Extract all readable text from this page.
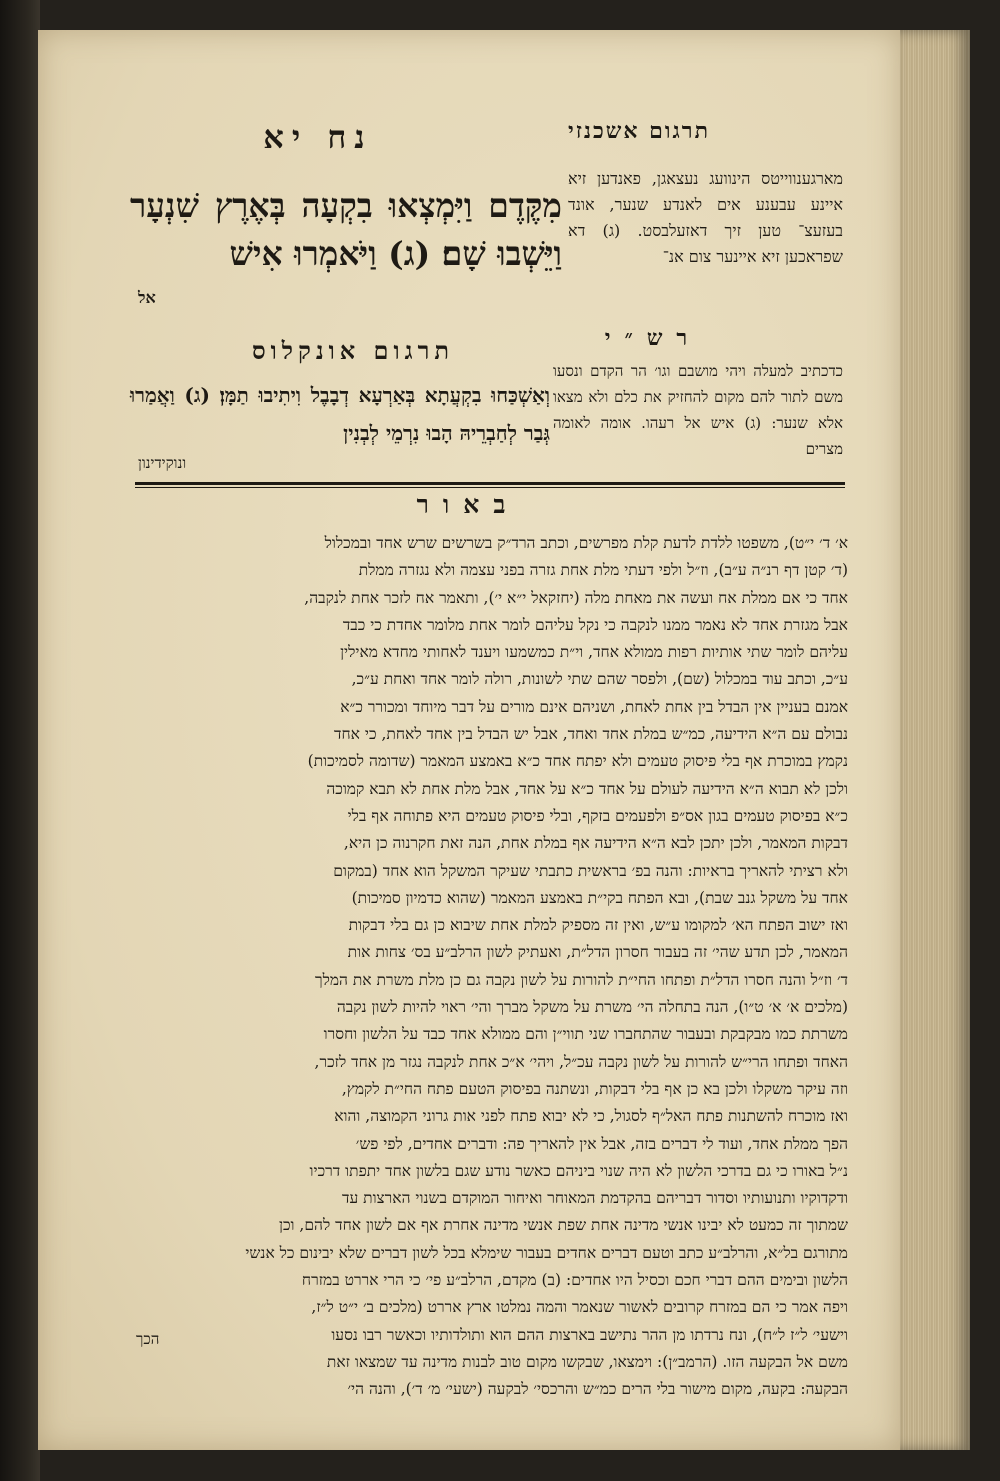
תרגום אשכנזי
נח יא
מארגענווייטס הינוועג נעצאגן, פאנדען זיא איינע עבענע אים לאנדע שנער, אונד בעזעצ־ טען זיך דאזעלבסט. (ג) דא שפראכען זיא איינער צום אנ־
מִקֶּדֶם וַיִּמְצְאוּ בִקְעָה בְּאֶרֶץ שִׁנְעָר וַיֵּשְׁבוּ שָׁם׃ (ג) וַיֹּאמְרוּ אִישׁ
אל
רש״י
כדכתיב למעלה ויהי מושבם וגו׳ הר הקדם ונסעו משם לתור להם מקום להחזיק את כלם ולא מצאו אלא שנער: (ג) איש אל רעהו. אומה לאומה מצרים
תרגום אונקלוס
וְאַשְׁכַּחוּ בִקְעֲתָא בְּאַרְעָא דְבָבֶל וִיתִיבוּ תַמָּן׃ (ג) וַאֲמַרוּ גְּבַר לְחַבְרֵיהּ הָבוּ נִרְמֵי לְבְנִין
ונוקידינון
באור

א׳ ד׳ י״ט), משפטו ללדת לדעת קלת מפרשים, וכתב הרד״ק בשרשים שרש אחד ובמכלול

(ד׳ קטן דף רנ״ה ע״ב), וז״ל ולפי דעתי מלת אחת גזרה בפני עצמה ולא נגזרה ממלת

אחד כי אם ממלת אח ועשה את מאחת מלה (יחזקאל י״א י׳), ותאמר אח לזכר אחת לנקבה,

אבל מגזרת אחד לא נאמר ממנו לנקבה כי נקל עליהם לומר אחת מלומר אחדת כי כבד

עליהם לומר שתי אותיות רפות ממולא אחד, וי״ת כמשמעו ויענד לאחותי מחדא מאילין

ע״כ, וכתב עוד במכלול (שם), ולפסר שהם שתי לשונות, רולה לומר אחד ואחת ע״כ,

אמנם בעניין אין הבדל בין אחת לאחת, ושניהם אינם מורים על דבר מיוחד ומכורר כ״א

נבולם עם ה״א הידיעה, כמ״ש במלת אחד ואחד, אבל יש הבדל בין אחד לאחת, כי אחד

נקמץ במוכרת אף בלי פיסוק טעמים ולא יפתח אחד כ״א באמצע המאמר (שדומה לסמיכות)

ולכן לא תבוא ה״א הידיעה לעולם על אחד כ״א על אחד, אבל מלת אחת לא תבא קמוכה

כ״א בפיסוק טעמים בגון אס״פ ולפעמים בזקף, ובלי פיסוק טעמים היא פתוחה אף בלי

דבקות המאמר, ולכן יתכן לבא ה״א הידיעה אף במלת אחת, הנה זאת חקרנוה כן היא,

ולא רציתי להאריך בראיות: והנה בפ׳ בראשית כתבתי שעיקר המשקל הוא אחד (במקום

אחד על משקל גנב שבת), ובא הפתח בקי״ת באמצע המאמר (שהוא כדמיון סמיכות)

ואז ישוב הפתח הא׳ למקומו ע״ש, ואין זה מספיק למלת אחת שיבוא כן גם בלי דבקות

המאמר, לכן תדע שהי׳ זה בעבור חסרון הדל״ת, ואעתיק לשון הרלב״ע בס׳ צחות אות

ד׳ וז״ל והנה חסרו הדל״ת ופתחו החי״ת להורות על לשון נקבה גם כן מלת משרת את המלך

(מלכים א׳ א׳ ט״ו), הנה בתחלה הי׳ משרת על משקל מברך והי׳ ראוי להיות לשון נקבה

משרתת כמו מבקבקת ובעבור שהתחברו שני תווי״ן והם ממולא אחד כבד על הלשון וחסרו

האחד ופתחו הרי״ש להורות על לשון נקבה עכ״ל, ויהי׳ א״כ אחת לנקבה נגזר מן אחד לזכר,

וזה עיקר משקלו ולכן בא כן אף בלי דבקות, ונשתנה בפיסוק הטעם פתח החי״ת לקמץ,

ואז מוכרח להשתנות פתח האל״ף לסגול, כי לא יבוא פתח לפני אות גרוני הקמוצה, והוא

הפך ממלת אחד, ועוד לי דברים בזה, אבל אין להאריך פה: ודברים אחדים, לפי פש׳

נ״ל באורו כי גם בדרכי הלשון לא היה שנוי ביניהם כאשר נודע שגם בלשון אחד יתפתו דרכיו

ודקדוקיו ותנועותיו וסדור דבריהם בהקדמת המאוחר ואיחור המוקדם בשנוי הארצות עד

שמתוך זה כמעט לא יבינו אנשי מדינה אחת שפת אנשי מדינה אחרת אף אם לשון אחד להם, וכן

מתורגם בל״א, והרלב״ע כתב וטעם דברים אחדים בעבור שימלא בכל לשון דברים שלא יבינום כל אנשי

הלשון ובימים ההם דברי חכם וכסיל היו אחדים: (ב) מקדם, הרלב״ע פי׳ כי הרי אררט במזרח

ויפה אמר כי הם במזרח קרובים לאשור שנאמר והמה נמלטו ארץ אררט (מלכים ב׳ י״ט ל״ז,

וישעי׳ ל״ז ל״ח), ונח נרדתו מן ההר נתישב בארצות ההם הוא ותולדותיו וכאשר רבו נסעו

משם אל הבקעה הזו. (הרמב״ן): וימצאו, שבקשו מקום טוב לבנות מדינה עד שמצאו זאת

הבקעה: בקעה, מקום מישור בלי הרים כמ״ש והרכסי׳ לבקעה (ישעי׳ מ׳ ד׳), והנה הי׳

הכך
